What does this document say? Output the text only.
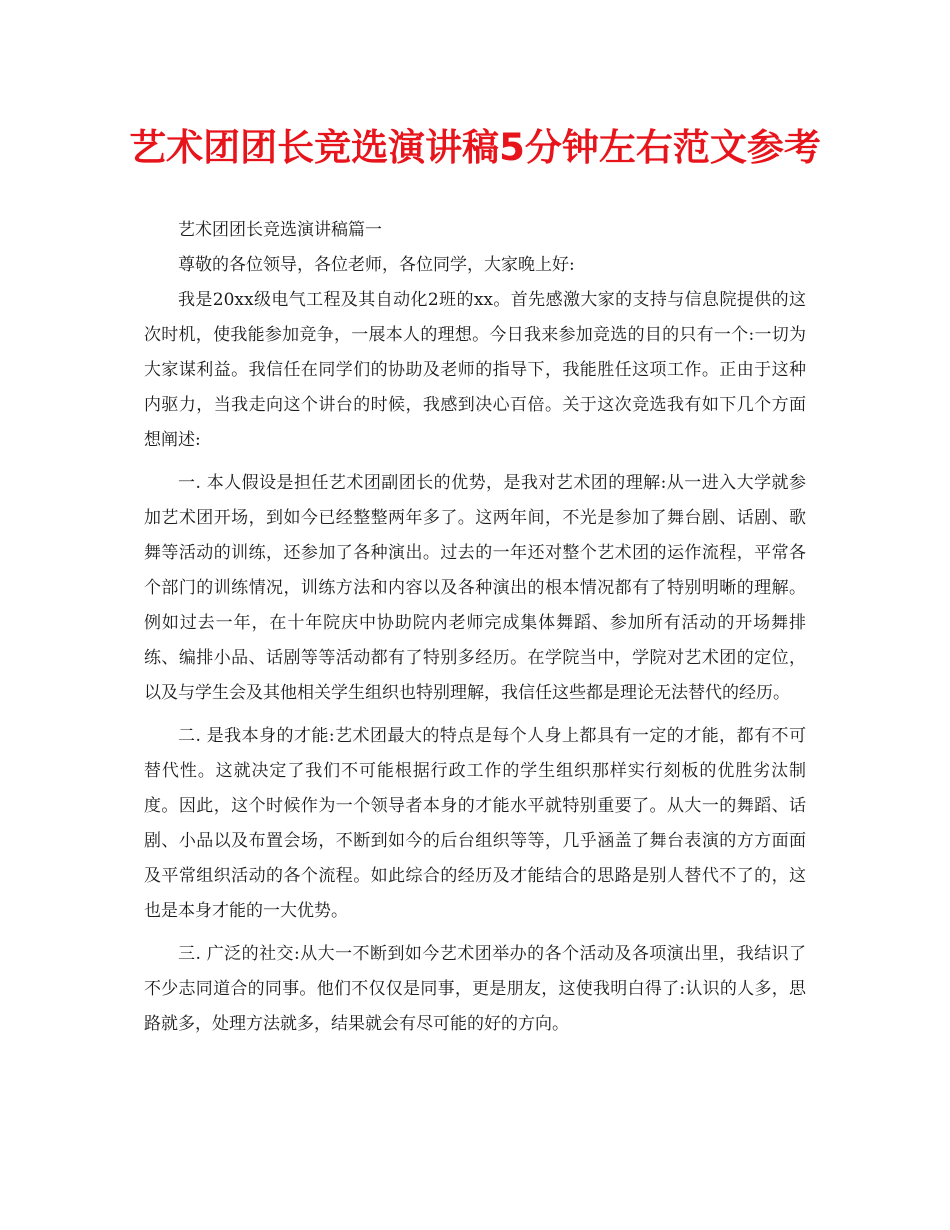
艺术团团长竞选演讲稿5分钟左右范文参考

艺术团团长竞选演讲稿篇一

尊敬的各位领导，各位老师，各位同学，大家晚上好:

我是20xx级电气工程及其自动化2班的xx。首先感激大家的支持与信息院提供的这次时机，使我能参加竞争，一展本人的理想。今日我来参加竞选的目的只有一个:一切为大家谋利益。我信任在同学们的协助及老师的指导下，我能胜任这项工作。正由于这种内驱力，当我走向这个讲台的时候，我感到决心百倍。关于这次竞选我有如下几个方面想阐述:

一. 本人假设是担任艺术团副团长的优势，是我对艺术团的理解:从一进入大学就参加艺术团开场，到如今已经整整两年多了。这两年间，不光是参加了舞台剧、话剧、歌舞等活动的训练，还参加了各种演出。过去的一年还对整个艺术团的运作流程，平常各个部门的训练情况，训练方法和内容以及各种演出的根本情况都有了特别明晰的理解。例如过去一年，在十年院庆中协助院内老师完成集体舞蹈、参加所有活动的开场舞排练、编排小品、话剧等等活动都有了特别多经历。在学院当中，学院对艺术团的定位，以及与学生会及其他相关学生组织也特别理解，我信任这些都是理论无法替代的经历。

二. 是我本身的才能:艺术团最大的特点是每个人身上都具有一定的才能，都有不可替代性。这就决定了我们不可能根据行政工作的学生组织那样实行刻板的优胜劣汰制度。因此，这个时候作为一个领导者本身的才能水平就特别重要了。从大一的舞蹈、话剧、小品以及布置会场，不断到如今的后台组织等等，几乎涵盖了舞台表演的方方面面及平常组织活动的各个流程。如此综合的经历及才能结合的思路是别人替代不了的，这也是本身才能的一大优势。

三. 广泛的社交:从大一不断到如今艺术团举办的各个活动及各项演出里，我结识了不少志同道合的同事。他们不仅仅是同事，更是朋友，这使我明白得了:认识的人多，思路就多，处理方法就多，结果就会有尽可能的好的方向。
